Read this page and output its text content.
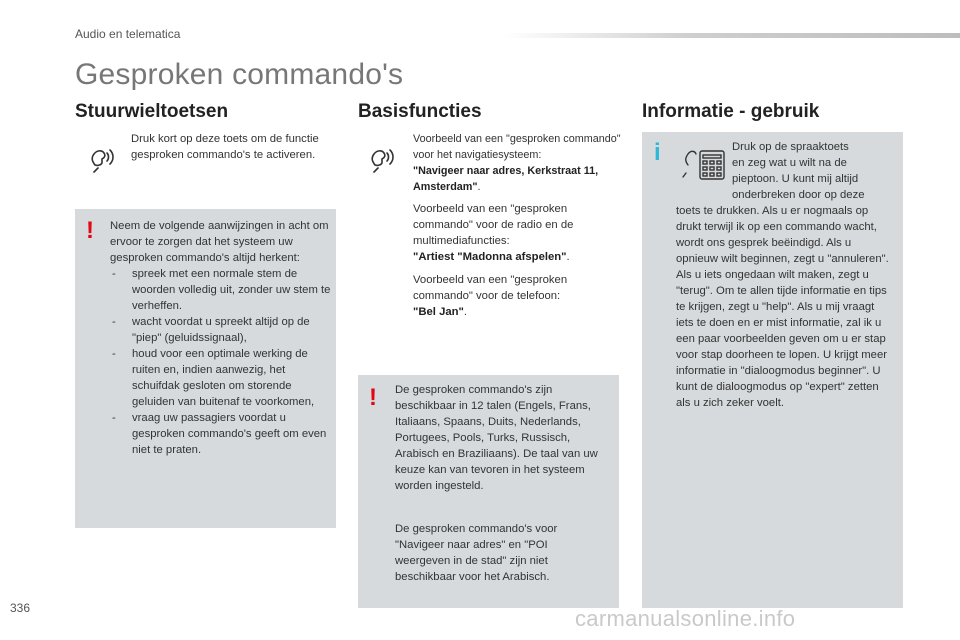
Audio en telematica
Gesproken commando's
Stuurwieltoetsen
Druk kort op deze toets om de functie gesproken commando's te activeren.
! Neem de volgende aanwijzingen in acht om ervoor te zorgen dat het systeem uw gesproken commando's altijd herkent:
- spreek met een normale stem de woorden volledig uit, zonder uw stem te verheffen.
- wacht voordat u spreekt altijd op de "piep" (geluidssignaal),
- houd voor een optimale werking de ruiten en, indien aanwezig, het schuifdak gesloten om storende geluiden van buitenaf te voorkomen,
- vraag uw passagiers voordat u gesproken commando's geeft om even niet te praten.
Basisfuncties
Voorbeeld van een "gesproken commando" voor het navigatiesysteem:
"Navigeer naar adres, Kerkstraat 11, Amsterdam".
Voorbeeld van een "gesproken commando" voor de radio en de multimediafuncties:
"Artiest "Madonna afspelen".
Voorbeeld van een "gesproken commando" voor de telefoon:
"Bel Jan".
! De gesproken commando's zijn beschikbaar in 12 talen (Engels, Frans, Italiaans, Spaans, Duits, Nederlands, Portugees, Pools, Turks, Russisch, Arabisch en Braziliaans). De taal van uw keuze kan van tevoren in het systeem worden ingesteld.
De gesproken commando's voor "Navigeer naar adres" en "POI weergeven in de stad" zijn niet beschikbaar voor het Arabisch.
Informatie - gebruik
i	Druk op de spraaktoets
en zeg wat u wilt na de
pieptoon. U kunt mij altijd
onderbreken door op deze
toets te drukken. Als u er nogmaals op drukt terwijl ik op een commando wacht, wordt ons gesprek beëindigd. Als u opnieuw wilt beginnen, zegt u "annuleren". Als u iets ongedaan wilt maken, zegt u "terug". Om te allen tijde informatie en tips te krijgen, zegt u "help". Als u mij vraagt iets te doen en er mist informatie, zal ik u een paar voorbeelden geven om u er stap voor stap doorheen te lopen. U krijgt meer informatie in "dialoogmodus beginner". U kunt de dialoogmodus op "expert" zetten als u zich zeker voelt.
336	carmanualsonline.info
